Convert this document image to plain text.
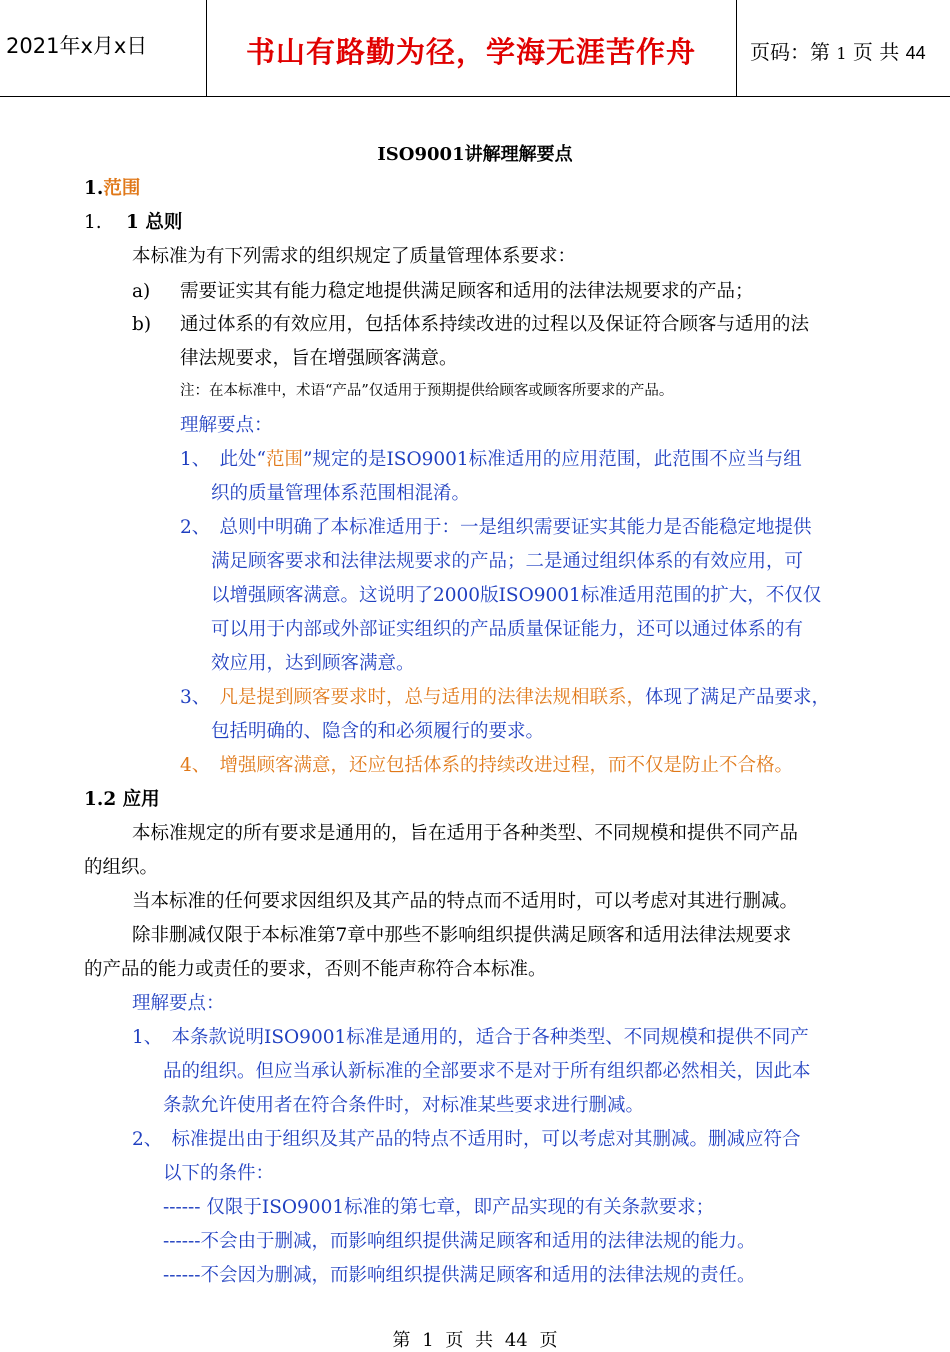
2021年x月x日	书山有路勤为径，学海无涯苦作舟	页码：第 1 页 共 44
ISO9001讲解理解要点
1.范围
1. 1 总则
本标准为有下列需求的组织规定了质量管理体系要求：
a) 需要证实其有能力稳定地提供满足顾客和适用的法律法规要求的产品；
b) 通过体系的有效应用，包括体系持续改进的过程以及保证符合顾客与适用的法
律法规要求，旨在增强顾客满意。
注：在本标准中，术语“产品”仅适用于预期提供给顾客或顾客所要求的产品。
理解要点：
1、　此处“范围”规定的是ISO9001标准适用的应用范围，此范围不应当与组
织的质量管理体系范围相混淆。
2、　总则中明确了本标准适用于：一是组织需要证实其能力是否能稳定地提供
满足顾客要求和法律法规要求的产品；二是通过组织体系的有效应用，可
以增强顾客满意。这说明了2000版ISO9001标准适用范围的扩大，不仅仅
可以用于内部或外部证实组织的产品质量保证能力，还可以通过体系的有
效应用，达到顾客满意。
3、　凡是提到顾客要求时，总与适用的法律法规相联系，体现了满足产品要求，
包括明确的、隐含的和必须履行的要求。
4、　增强顾客满意，还应包括体系的持续改进过程，而不仅是防止不合格。
1.2 应用
本标准规定的所有要求是通用的，旨在适用于各种类型、不同规模和提供不同产品
的组织。
当本标准的任何要求因组织及其产品的特点而不适用时，可以考虑对其进行删减。
除非删减仅限于本标准第7章中那些不影响组织提供满足顾客和适用法律法规要求
的产品的能力或责任的要求，否则不能声称符合本标准。
理解要点：
1、　本条款说明ISO9001标准是通用的，适合于各种类型、不同规模和提供不同产
品的组织。但应当承认新标准的全部要求不是对于所有组织都必然相关，因此本
条款允许使用者在符合条件时，对标准某些要求进行删减。
2、　标准提出由于组织及其产品的特点不适用时，可以考虑对其删减。删减应符合
以下的条件：
------ 仅限于ISO9001标准的第七章，即产品实现的有关条款要求；
------不会由于删减，而影响组织提供满足顾客和适用的法律法规的能力。
------不会因为删减，而影响组织提供满足顾客和适用的法律法规的责任。
第 1 页 共 44 页
